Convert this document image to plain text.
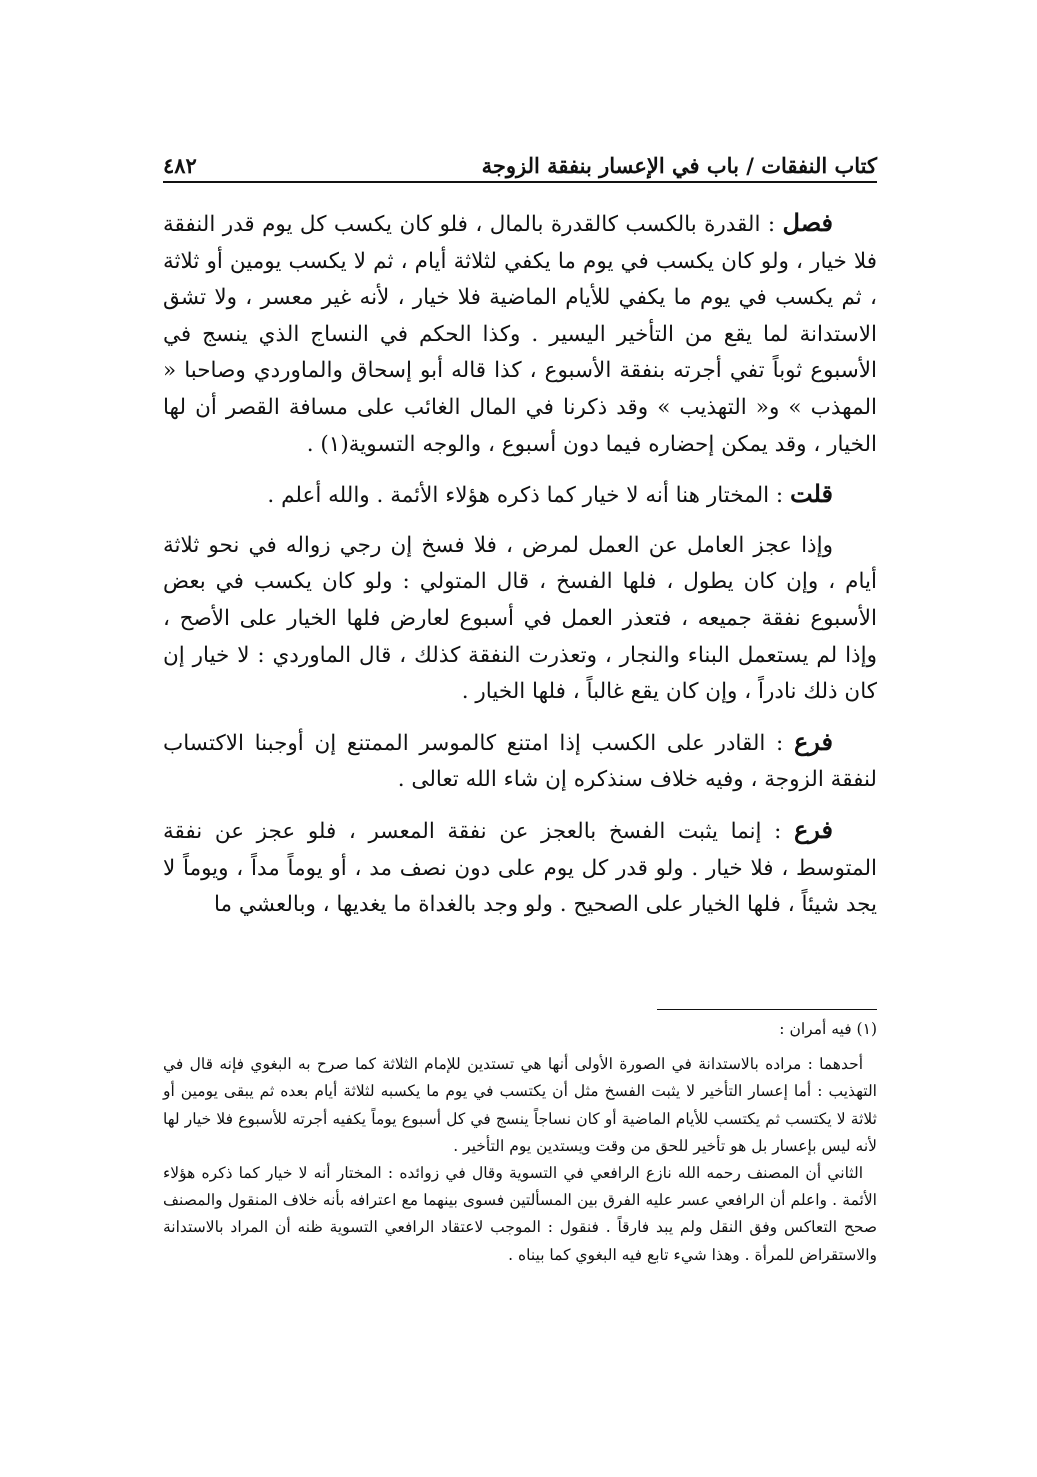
كتاب النفقات / باب في الإعسار بنفقة الزوجة
٤٨٢

فصل : القدرة بالكسب كالقدرة بالمال ، فلو كان يكسب كل يوم قدر النفقة فلا خيار ، ولو كان يكسب في يوم ما يكفي لثلاثة أيام ، ثم لا يكسب يومين أو ثلاثة ، ثم يكسب في يوم ما يكفي للأيام الماضية فلا خيار ، لأنه غير معسر ، ولا تشق الاستدانة لما يقع من التأخير اليسير . وكذا الحكم في النساج الذي ينسج في الأسبوع ثوباً تفي أجرته بنفقة الأسبوع ، كذا قاله أبو إسحاق والماوردي وصاحبا « المهذب » و« التهذيب » وقد ذكرنا في المال الغائب على مسافة القصر أن لها الخيار ، وقد يمكن إحضاره فيما دون أسبوع ، والوجه التسوية(١) .

قلت : المختار هنا أنه لا خيار كما ذكره هؤلاء الأئمة . والله أعلم .

وإذا عجز العامل عن العمل لمرض ، فلا فسخ إن رجي زواله في نحو ثلاثة أيام ، وإن كان يطول ، فلها الفسخ ، قال المتولي : ولو كان يكسب في بعض الأسبوع نفقة جميعه ، فتعذر العمل في أسبوع لعارض فلها الخيار على الأصح ، وإذا لم يستعمل البناء والنجار ، وتعذرت النفقة كذلك ، قال الماوردي : لا خيار إن كان ذلك نادراً ، وإن كان يقع غالباً ، فلها الخيار .

فرع : القادر على الكسب إذا امتنع كالموسر الممتنع إن أوجبنا الاكتساب لنفقة الزوجة ، وفيه خلاف سنذكره إن شاء الله تعالى .

فرع : إنما يثبت الفسخ بالعجز عن نفقة المعسر ، فلو عجز عن نفقة المتوسط ، فلا خيار . ولو قدر كل يوم على دون نصف مد ، أو يوماً مداً ، ويوماً لا يجد شيئاً ، فلها الخيار على الصحيح . ولو وجد بالغداة ما يغديها ، وبالعشي ما

(١) فيه أمران :

أحدهما : مراده بالاستدانة في الصورة الأولى أنها هي تستدين للإمام الثلاثة كما صرح به البغوي فإنه قال في التهذيب : أما إعسار التأخير لا يثبت الفسخ مثل أن يكتسب في يوم ما يكسبه لثلاثة أيام بعده ثم يبقى يومين أو ثلاثة لا يكتسب ثم يكتسب للأيام الماضية أو كان نساجاً ينسج في كل أسبوع يوماً يكفيه أجرته للأسبوع فلا خيار لها لأنه ليس بإعسار بل هو تأخير للحق من وقت ويستدين يوم التأخير .

الثاني أن المصنف رحمه الله نازع الرافعي في التسوية وقال في زوائده : المختار أنه لا خيار كما ذكره هؤلاء الأئمة . واعلم أن الرافعي عسر عليه الفرق بين المسألتين فسوى بينهما مع اعترافه بأنه خلاف المنقول والمصنف صحح التعاكس وفق النقل ولم يبد فارقاً . فنقول : الموجب لاعتقاد الرافعي التسوية ظنه أن المراد بالاستدانة والاستقراض للمرأة . وهذا شيء تابع فيه البغوي كما بيناه .
